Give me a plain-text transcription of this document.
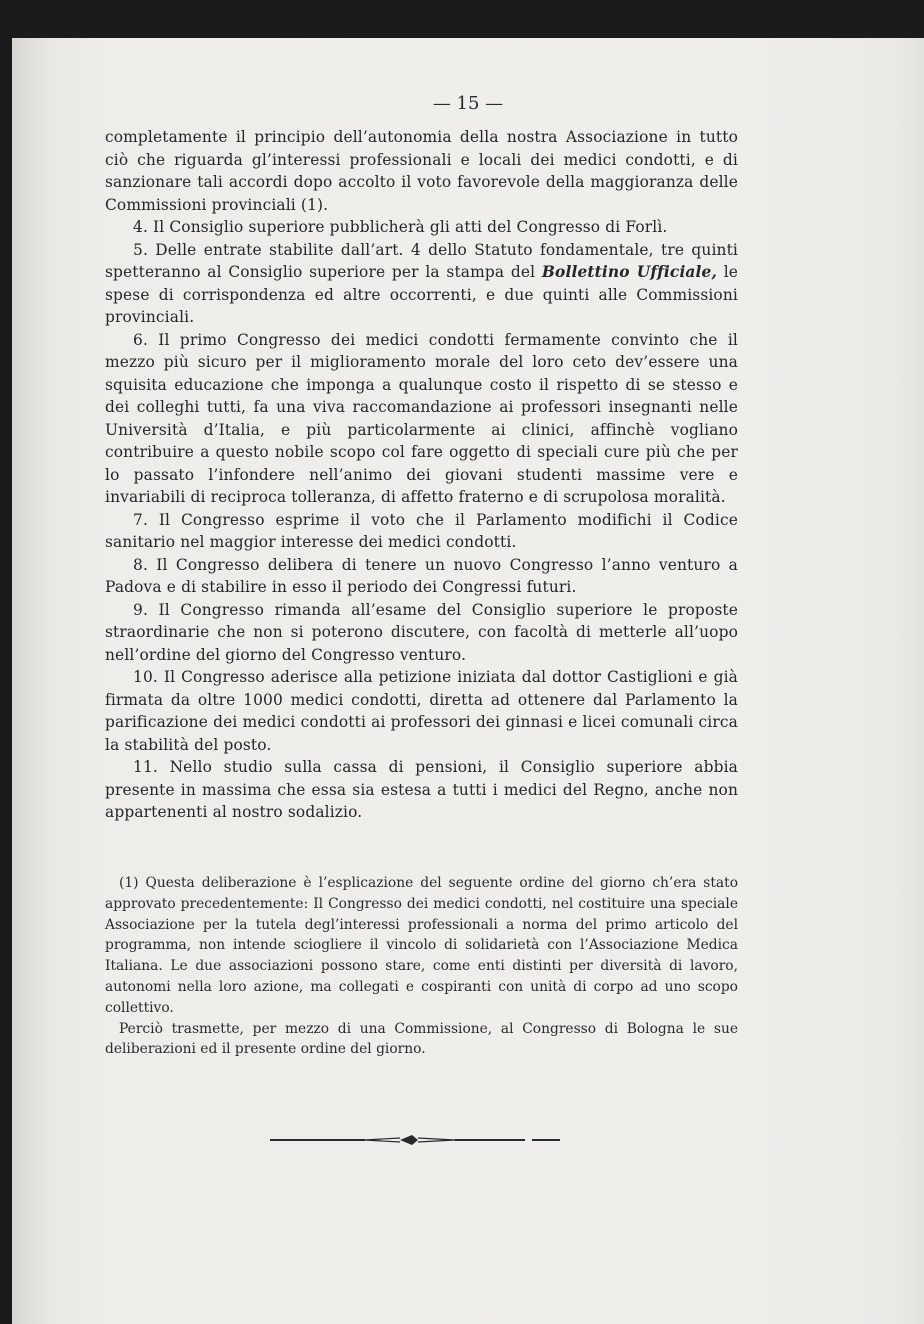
— 15 —

completamente il principio dell’autonomia della nostra Associazione in tutto ciò che riguarda gl’interessi professionali e locali dei medici condotti, e di sanzionare tali accordi dopo accolto il voto favorevole della maggioranza delle Commissioni provinciali (1).

4. Il Consiglio superiore pubblicherà gli atti del Congresso di Forlì.

5. Delle entrate stabilite dall’art. 4 dello Statuto fondamentale, tre quinti spetteranno al Consiglio superiore per la stampa del Bollettino Ufficiale, le spese di corrispondenza ed altre occorrenti, e due quinti alle Commissioni provinciali.

6. Il primo Congresso dei medici condotti fermamente convinto che il mezzo più sicuro per il miglioramento morale del loro ceto dev’essere una squisita educazione che imponga a qualunque costo il rispetto di se stesso e dei colleghi tutti, fa una viva raccomandazione ai professori insegnanti nelle Università d’Italia, e più particolarmente ai clinici, affinchè vogliano contribuire a questo nobile scopo col fare oggetto di speciali cure più che per lo passato l’infondere nell’animo dei giovani studenti massime vere e invariabili di reciproca tolleranza, di affetto fraterno e di scrupolosa moralità.

7. Il Congresso esprime il voto che il Parlamento modifichi il Codice sanitario nel maggior interesse dei medici condotti.

8. Il Congresso delibera di tenere un nuovo Congresso l’anno venturo a Padova e di stabilire in esso il periodo dei Congressi futuri.

9. Il Congresso rimanda all’esame del Consiglio superiore le proposte straordinarie che non si poterono discutere, con facoltà di metterle all’uopo nell’ordine del giorno del Congresso venturo.

10. Il Congresso aderisce alla petizione iniziata dal dottor Castiglioni e già firmata da oltre 1000 medici condotti, diretta ad ottenere dal Parlamento la parificazione dei medici condotti ai professori dei ginnasi e licei comunali circa la stabilità del posto.

11. Nello studio sulla cassa di pensioni, il Consiglio superiore abbia presente in massima che essa sia estesa a tutti i medici del Regno, anche non appartenenti al nostro sodalizio.

(1) Questa deliberazione è l’esplicazione del seguente ordine del giorno ch’era stato approvato precedentemente: Il Congresso dei medici condotti, nel costituire una speciale Associazione per la tutela degl’interessi professionali a norma del primo articolo del programma, non intende sciogliere il vincolo di solidarietà con l’Associazione Medica Italiana. Le due associazioni possono stare, come enti distinti per diversità di lavoro, autonomi nella loro azione, ma collegati e cospiranti con unità di corpo ad uno scopo collettivo.

Perciò trasmette, per mezzo di una Commissione, al Congresso di Bologna le sue deliberazioni ed il presente ordine del giorno.
